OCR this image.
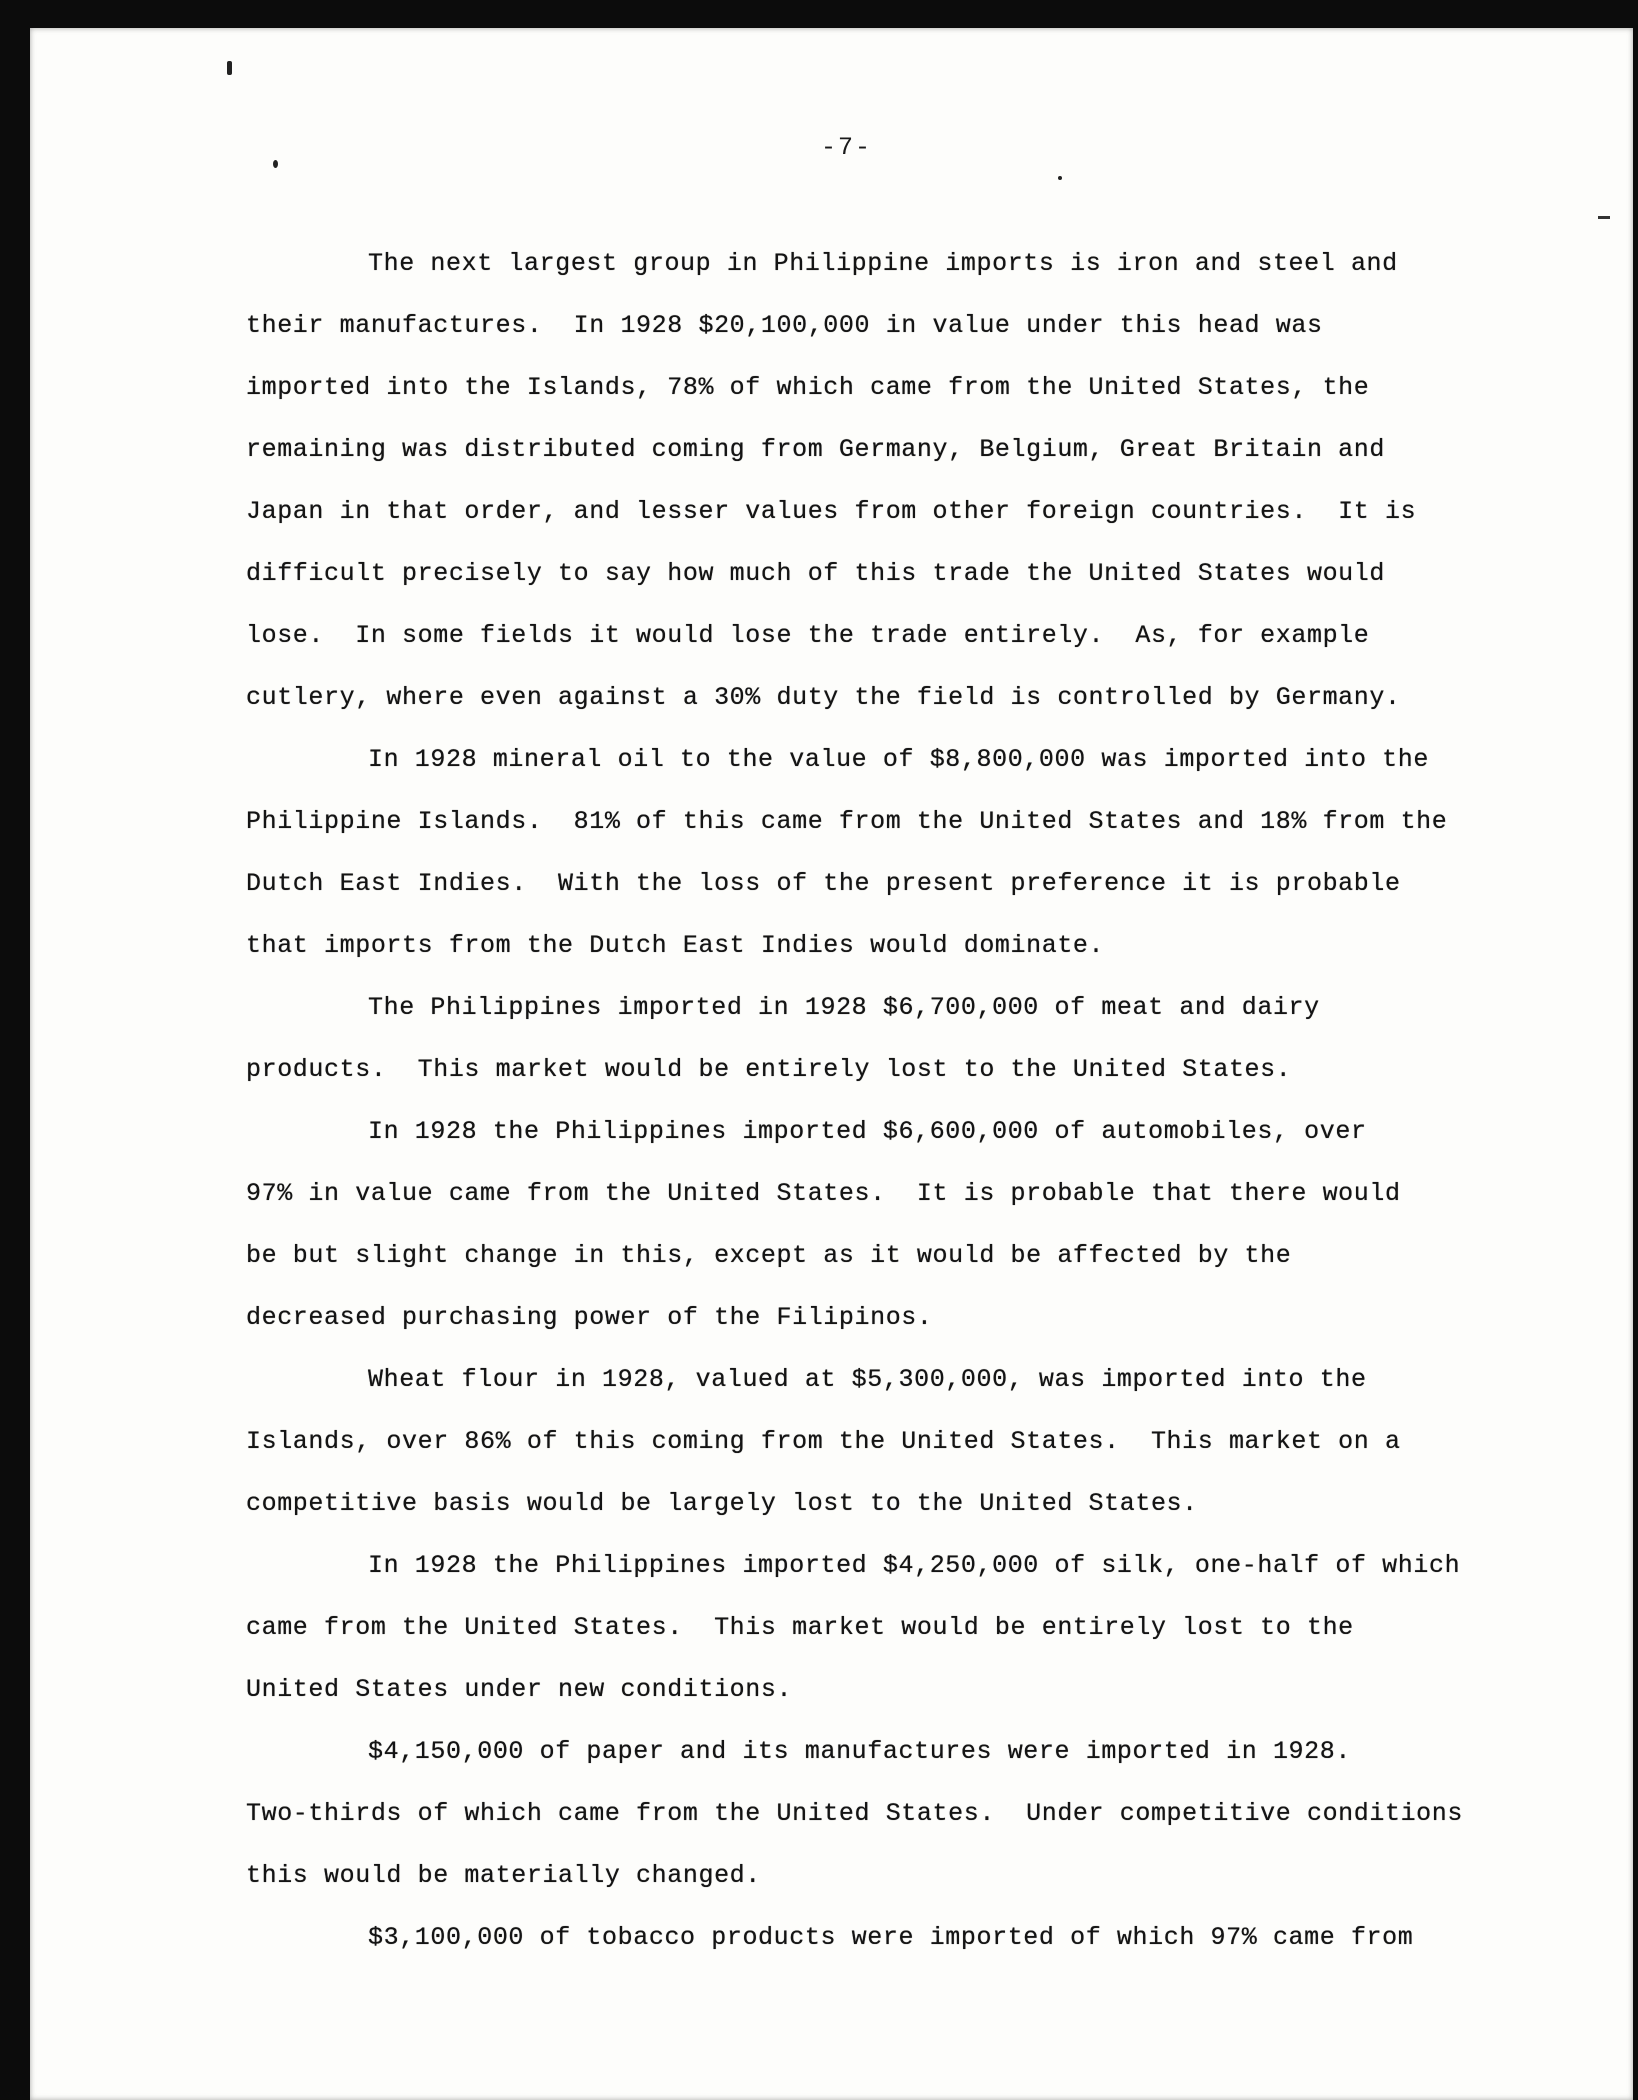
-7-
The next largest group in Philippine imports is iron and steel and
their manufactures.  In 1928 $20,100,000 in value under this head was
imported into the Islands, 78% of which came from the United States, the
remaining was distributed coming from Germany, Belgium, Great Britain and
Japan in that order, and lesser values from other foreign countries.  It is
difficult precisely to say how much of this trade the United States would
lose.  In some fields it would lose the trade entirely.  As, for example
cutlery, where even against a 30% duty the field is controlled by Germany.
In 1928 mineral oil to the value of $8,800,000 was imported into the
Philippine Islands.  81% of this came from the United States and 18% from the
Dutch East Indies.  With the loss of the present preference it is probable
that imports from the Dutch East Indies would dominate.
The Philippines imported in 1928 $6,700,000 of meat and dairy
products.  This market would be entirely lost to the United States.
In 1928 the Philippines imported $6,600,000 of automobiles, over
97% in value came from the United States.  It is probable that there would
be but slight change in this, except as it would be affected by the
decreased purchasing power of the Filipinos.
Wheat flour in 1928, valued at $5,300,000, was imported into the
Islands, over 86% of this coming from the United States.  This market on a
competitive basis would be largely lost to the United States.
In 1928 the Philippines imported $4,250,000 of silk, one-half of which
came from the United States.  This market would be entirely lost to the
United States under new conditions.
$4,150,000 of paper and its manufactures were imported in 1928.
Two-thirds of which came from the United States.  Under competitive conditions
this would be materially changed.
$3,100,000 of tobacco products were imported of which 97% came from
